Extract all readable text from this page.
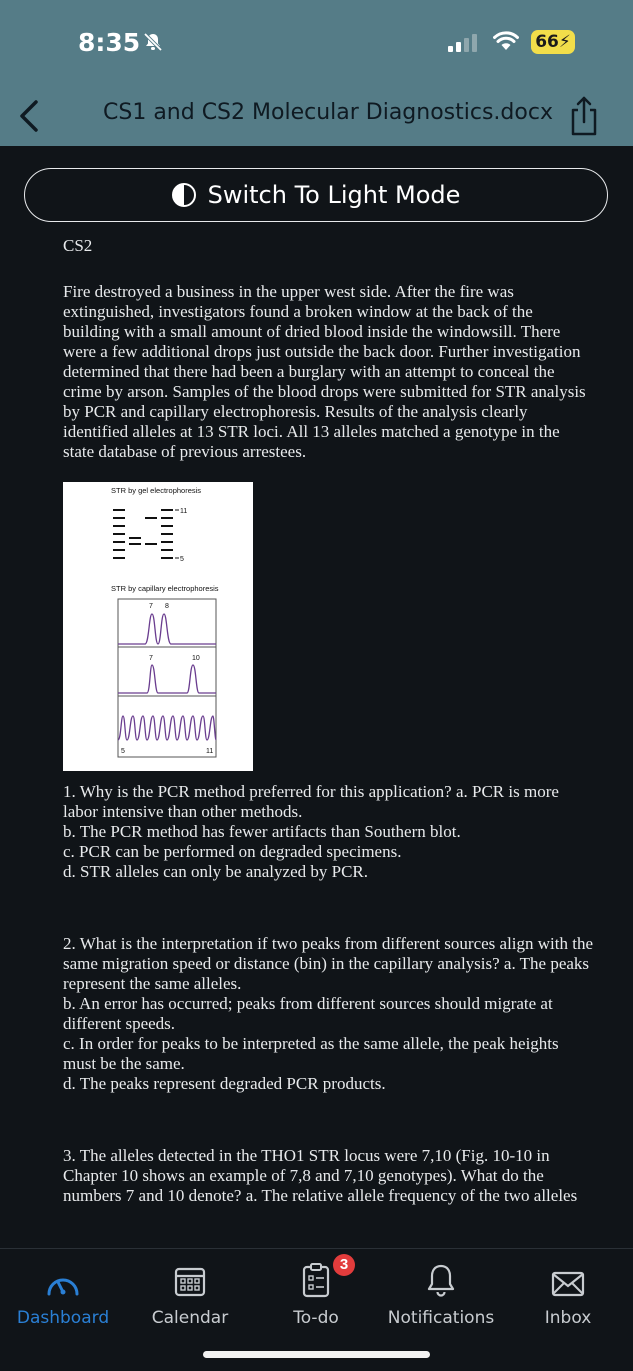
8:35	66⚡
CS1 and CS2 Molecular Diagnostics.docx
Switch To Light Mode
CS2
Fire destroyed a business in the upper west side. After the fire was extinguished, investigators found a broken window at the back of the building with a small amount of dried blood inside the windowsill. There were a few additional drops just outside the back door. Further investigation determined that there had been a burglary with an attempt to conceal the crime by arson. Samples of the blood drops were submitted for STR analysis by PCR and capillary electrophoresis. Results of the analysis clearly identified alleles at 13 STR loci. All 13 alleles matched a genotype in the state database of previous arrestees.
STR by gel electrophoresis
11
5
STR by capillary electrophoresis
7 8
7	10
5	11

1. Why is the PCR method preferred for this application? a. PCR is more labor intensive than other methods.

b. The PCR method has fewer artifacts than Southern blot.

c. PCR can be performed on degraded specimens.

d. STR alleles can only be analyzed by PCR.

2. What is the interpretation if two peaks from different sources align with the same migration speed or distance (bin) in the capillary analysis? a. The peaks represent the same alleles.

b. An error has occurred; peaks from different sources should migrate at different speeds.

c. In order for peaks to be interpreted as the same allele, the peak heights must be the same.

d. The peaks represent degraded PCR products.

3. The alleles detected in the THO1 STR locus were 7,10 (Fig. 10-10 in Chapter 10 shows an example of 7,8 and 7,10 genotypes). What do the numbers 7 and 10 denote? a. The relative allele frequency of the two alleles

Dashboard	Calendar	To-do	Notifications	Inbox
3
